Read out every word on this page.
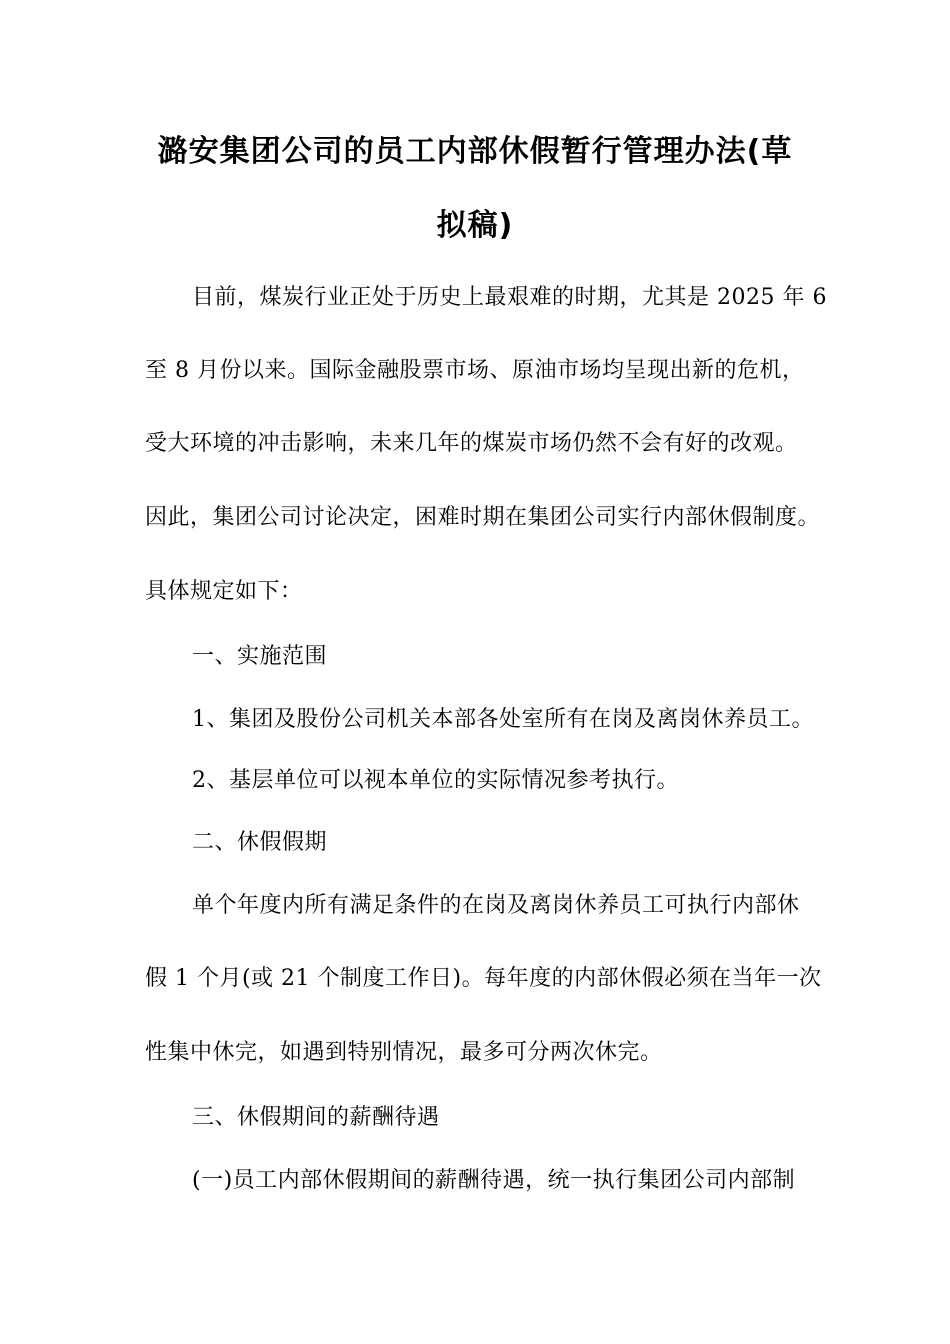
潞安集团公司的员工内部休假暂行管理办法(草
拟稿)
目前，煤炭行业正处于历史上最艰难的时期，尤其是 2025 年 6
至 8 月份以来。国际金融股票市场、原油市场均呈现出新的危机，
受大环境的冲击影响，未来几年的煤炭市场仍然不会有好的改观。
因此，集团公司讨论决定，困难时期在集团公司实行内部休假制度。
具体规定如下：
一、实施范围
1、集团及股份公司机关本部各处室所有在岗及离岗休养员工。
2、基层单位可以视本单位的实际情况参考执行。
二、休假假期
单个年度内所有满足条件的在岗及离岗休养员工可执行内部休
假 1 个月(或 21 个制度工作日)。每年度的内部休假必须在当年一次
性集中休完，如遇到特别情况，最多可分两次休完。
三、休假期间的薪酬待遇
(一)员工内部休假期间的薪酬待遇，统一执行集团公司内部制
